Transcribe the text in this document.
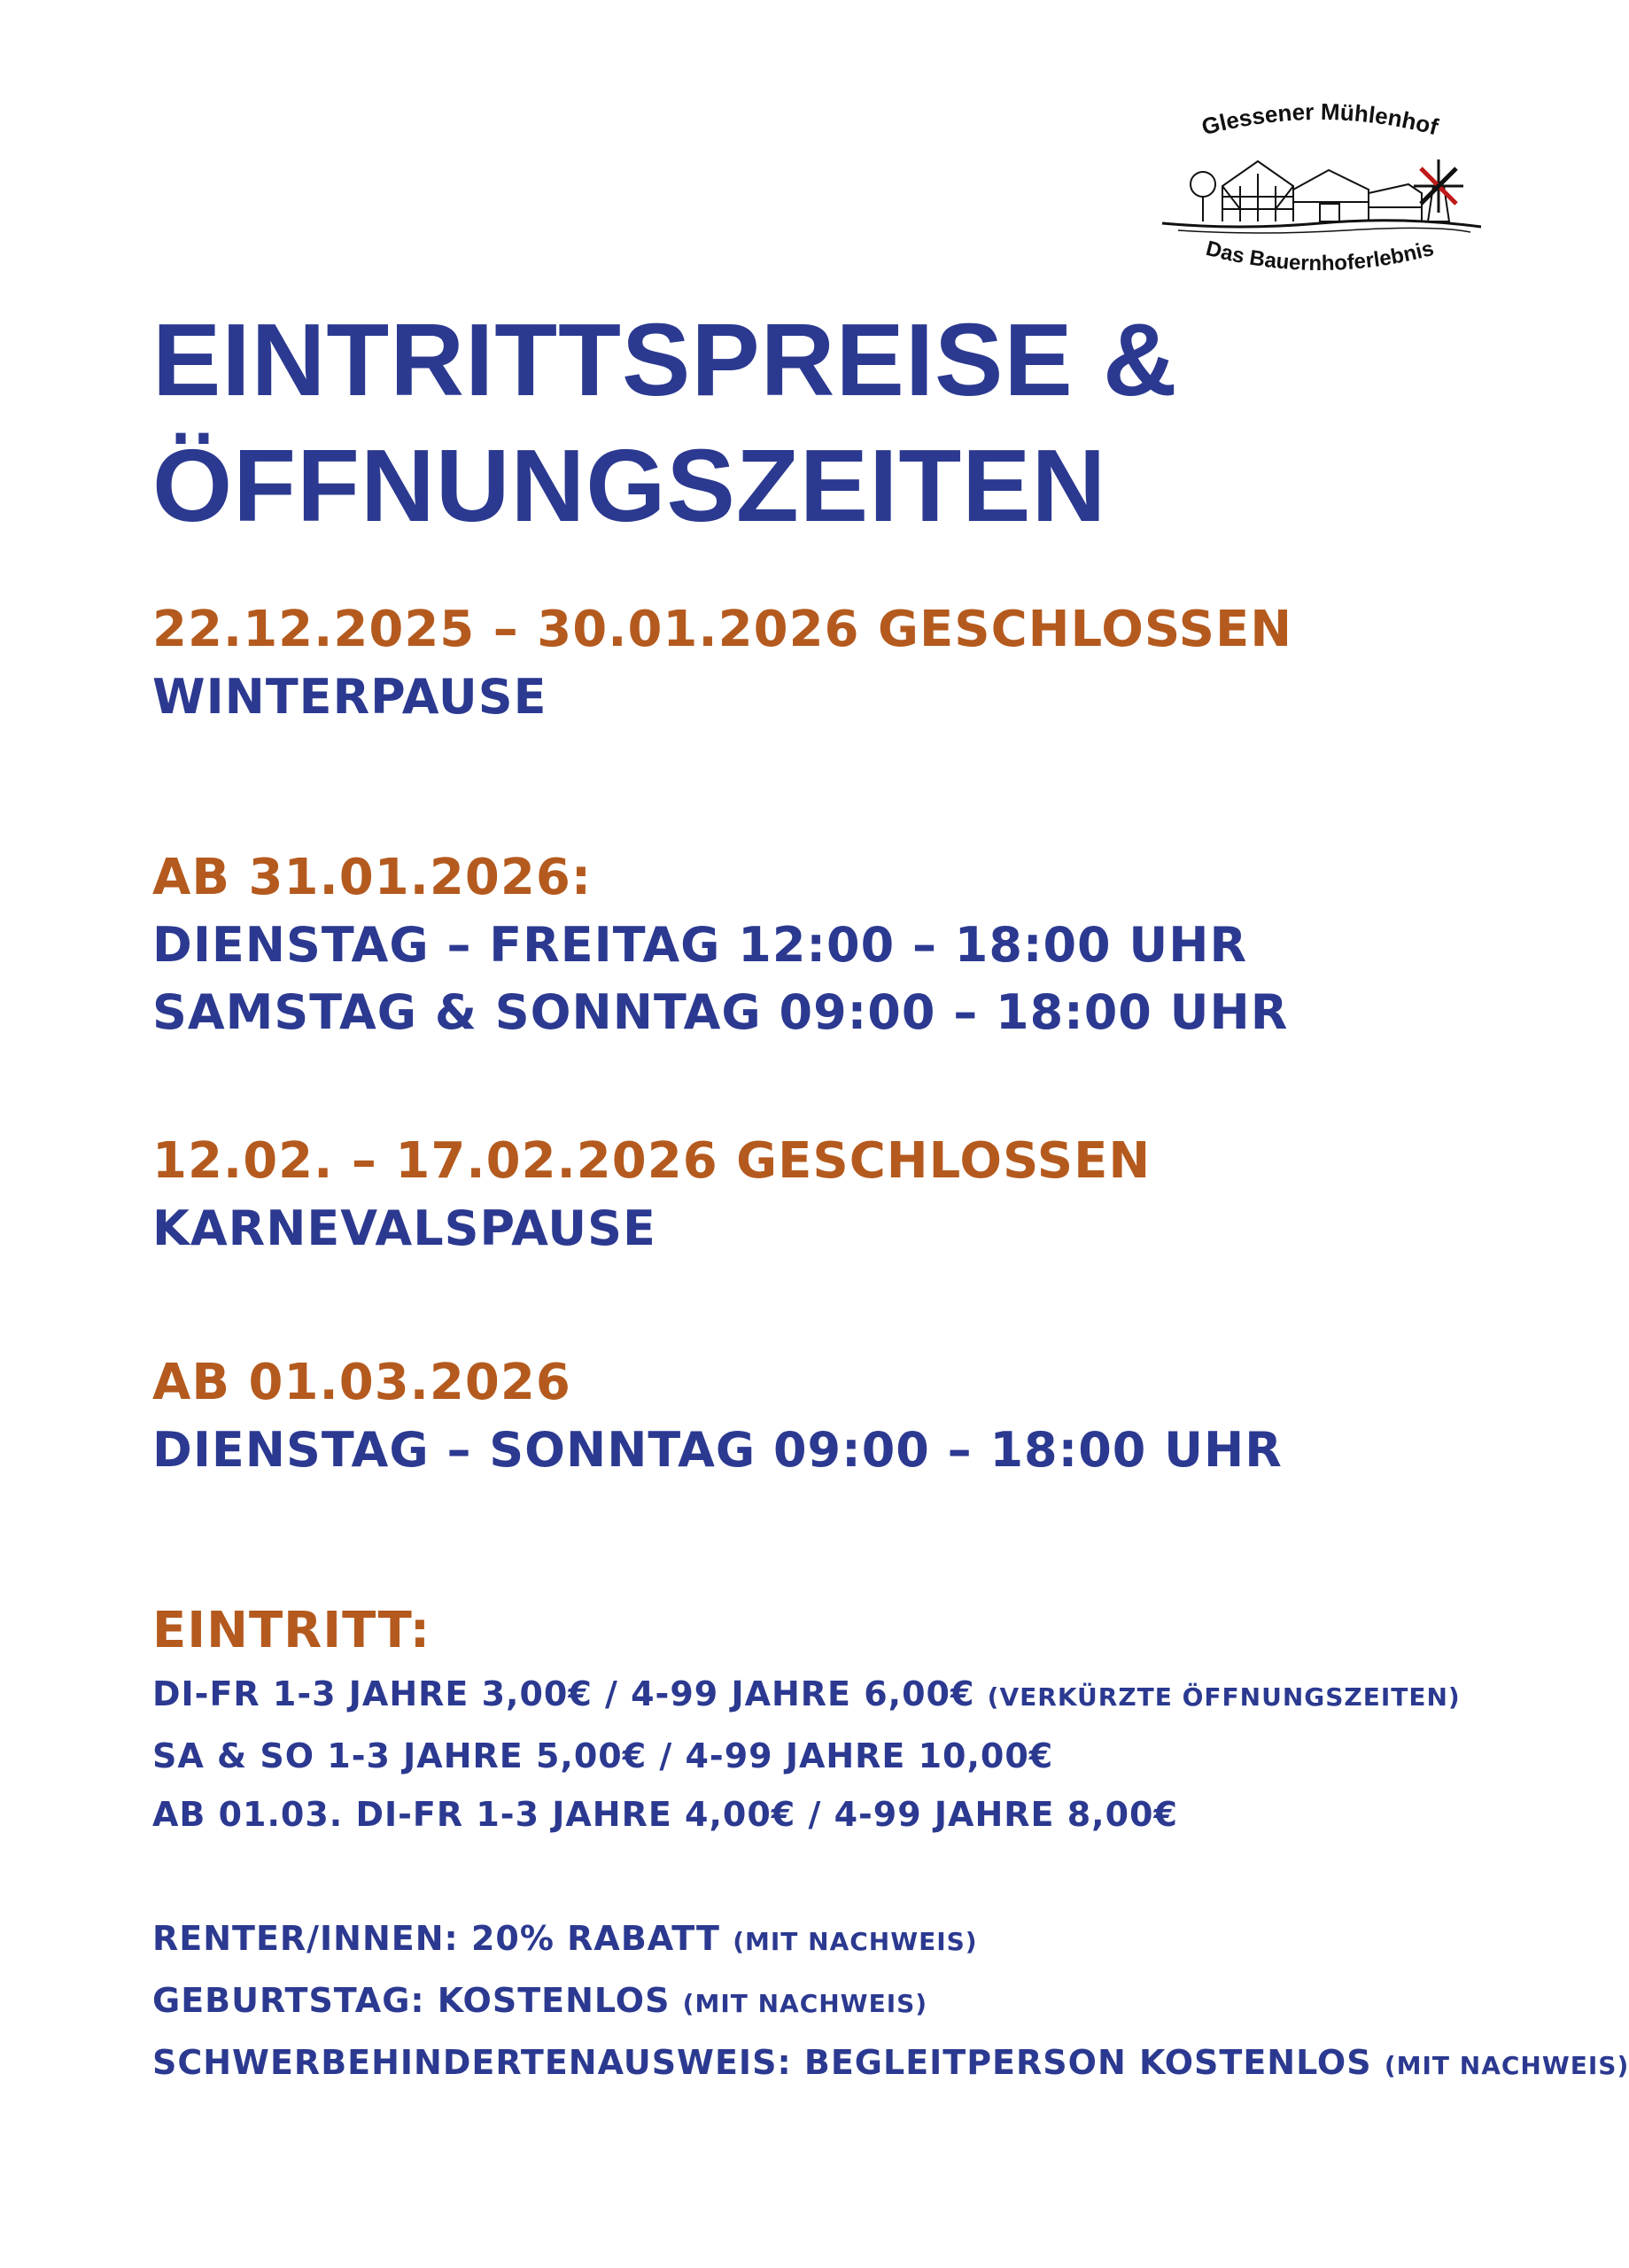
Glessener Mühlenhof
Das Bauernhoferlebnis
EINTRITTSPREISE &
ÖFFNUNGSZEITEN
22.12.2025 – 30.01.2026 GESCHLOSSEN
WINTERPAUSE
AB 31.01.2026:
DIENSTAG – FREITAG 12:00 – 18:00 UHR
SAMSTAG & SONNTAG 09:00 – 18:00 UHR
12.02. – 17.02.2026 GESCHLOSSEN
KARNEVALSPAUSE
AB 01.03.2026
DIENSTAG – SONNTAG 09:00 – 18:00 UHR
EINTRITT:
DI-FR 1-3 JAHRE 3,00€ / 4-99 JAHRE 6,00€ (VERKÜRZTE ÖFFNUNGSZEITEN)
SA & SO 1-3 JAHRE 5,00€ / 4-99 JAHRE 10,00€
AB 01.03. DI-FR 1-3 JAHRE 4,00€ / 4-99 JAHRE 8,00€
RENTER/INNEN: 20% RABATT (MIT NACHWEIS)
GEBURTSTAG: KOSTENLOS (MIT NACHWEIS)
SCHWERBEHINDERTENAUSWEIS: BEGLEITPERSON KOSTENLOS (MIT NACHWEIS)
